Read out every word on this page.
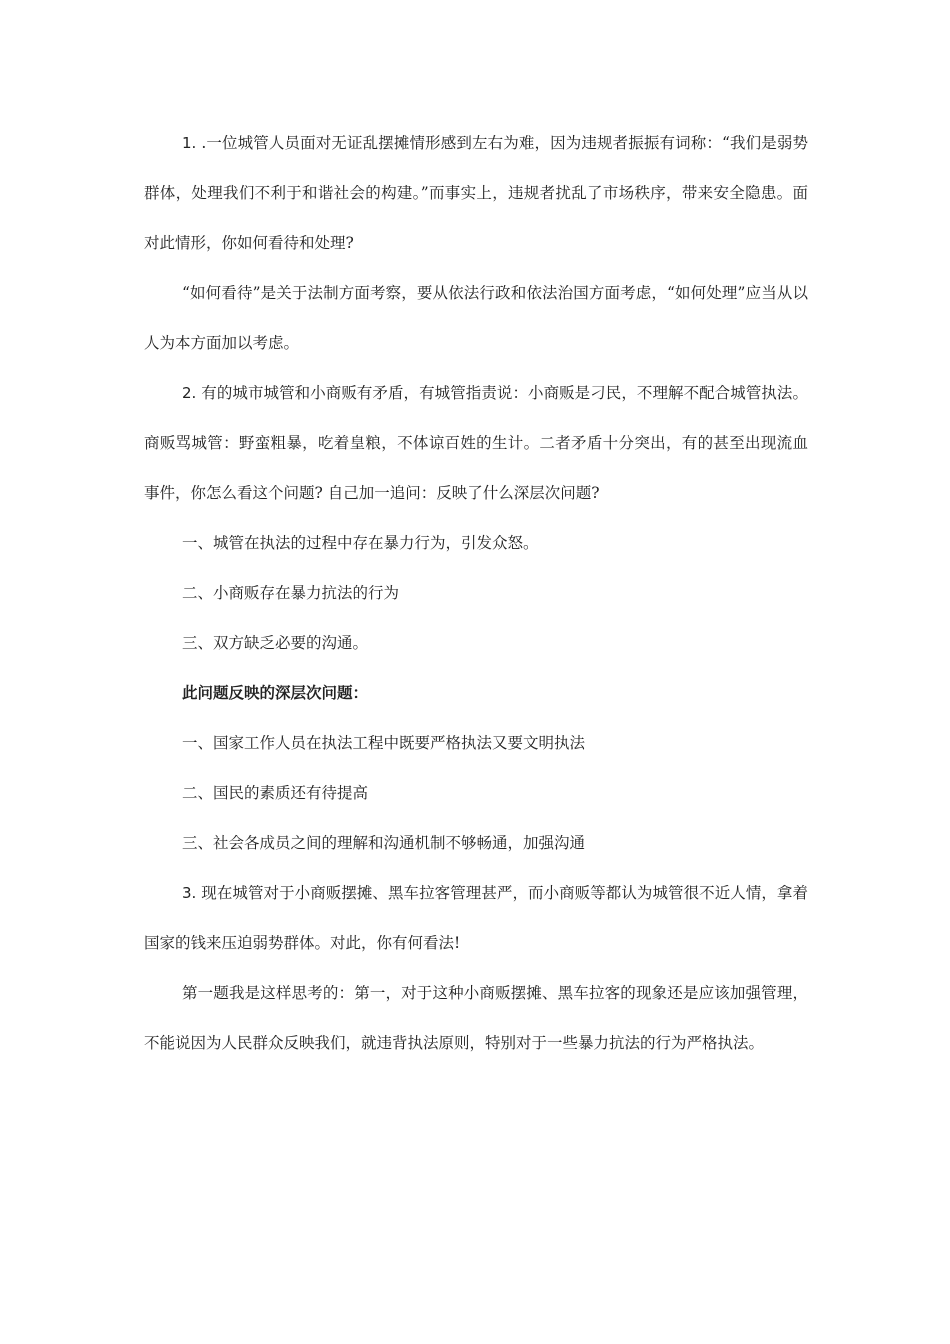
1. .一位城管人员面对无证乱摆摊情形感到左右为难，因为违规者振振有词称：“我们是弱势群体，处理我们不利于和谐社会的构建。”而事实上，违规者扰乱了市场秩序，带来安全隐患。面对此情形，你如何看待和处理?

“如何看待”是关于法制方面考察，要从依法行政和依法治国方面考虑，“如何处理”应当从以人为本方面加以考虑。

2. 有的城市城管和小商贩有矛盾，有城管指责说：小商贩是刁民，不理解不配合城管执法。商贩骂城管：野蛮粗暴，吃着皇粮，不体谅百姓的生计。二者矛盾十分突出，有的甚至出现流血事件，你怎么看这个问题? 自己加一追问：反映了什么深层次问题?

一、城管在执法的过程中存在暴力行为，引发众怒。

二、小商贩存在暴力抗法的行为

三、双方缺乏必要的沟通。

此问题反映的深层次问题：

一、国家工作人员在执法工程中既要严格执法又要文明执法

二、国民的素质还有待提高

三、社会各成员之间的理解和沟通机制不够畅通，加强沟通

3. 现在城管对于小商贩摆摊、黑车拉客管理甚严，而小商贩等都认为城管很不近人情，拿着国家的钱来压迫弱势群体。对此，你有何看法!

第一题我是这样思考的：第一，对于这种小商贩摆摊、黑车拉客的现象还是应该加强管理，不能说因为人民群众反映我们，就违背执法原则，特别对于一些暴力抗法的行为严格执法。
